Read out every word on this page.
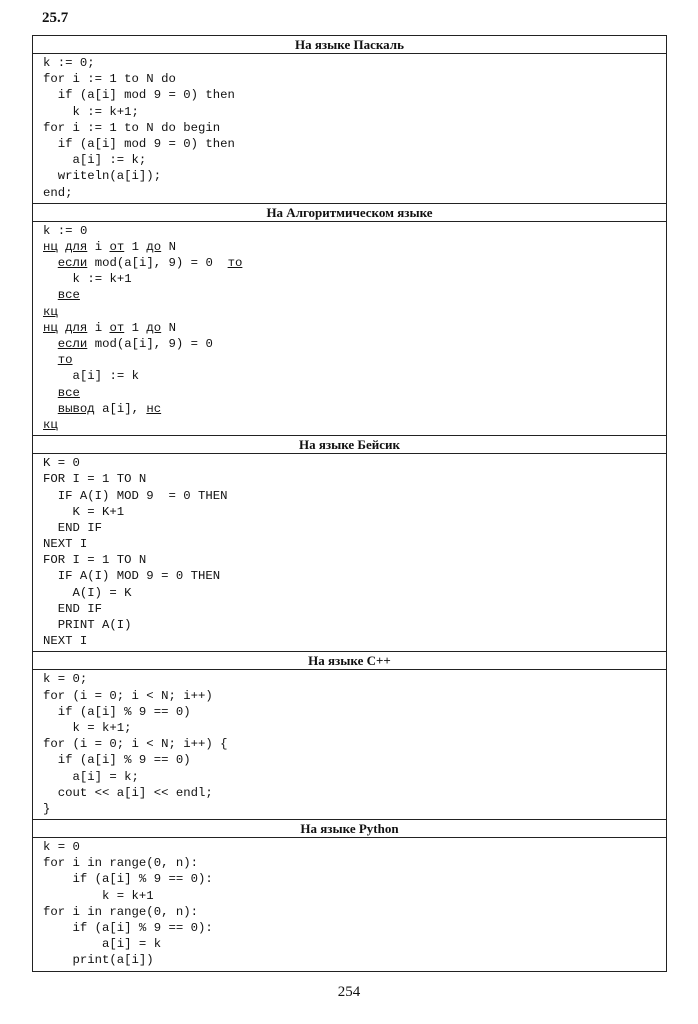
25.7
На языке Паскаль
k := 0;
for i := 1 to N do
if (a[i] mod 9 = 0) then
k := k+1;
for i := 1 to N do begin
if (a[i] mod 9 = 0) then
a[i] := k;
writeln(a[i]);
end;
На Алгоритмическом языке
k := 0
нц для i от 1 до N
если mod(a[i], 9) = 0 то
k := k+1
все
кц
нц для i от 1 до N
если mod(a[i], 9) = 0
то
a[i] := k
все
вывод a[i], нс
кц
На языке Бейсик
K = 0
FOR I = 1 TO N
IF A(I) MOD 9  = 0 THEN
K = K+1
END IF
NEXT I
FOR I = 1 TO N
IF A(I) MOD 9 = 0 THEN
A(I) = K
END IF
PRINT A(I)
NEXT I
На языке С++
k = 0;
for (i = 0; i < N; i++)
if (a[i] % 9 == 0)
k = k+1;
for (i = 0; i < N; i++) {
if (a[i] % 9 == 0)
a[i] = k;
cout << a[i] << endl;
}
На языке Python
k = 0
for i in range(0, n):
if (a[i] % 9 == 0):
k = k+1
for i in range(0, n):
if (a[i] % 9 == 0):
a[i] = k
print(a[i])
254
